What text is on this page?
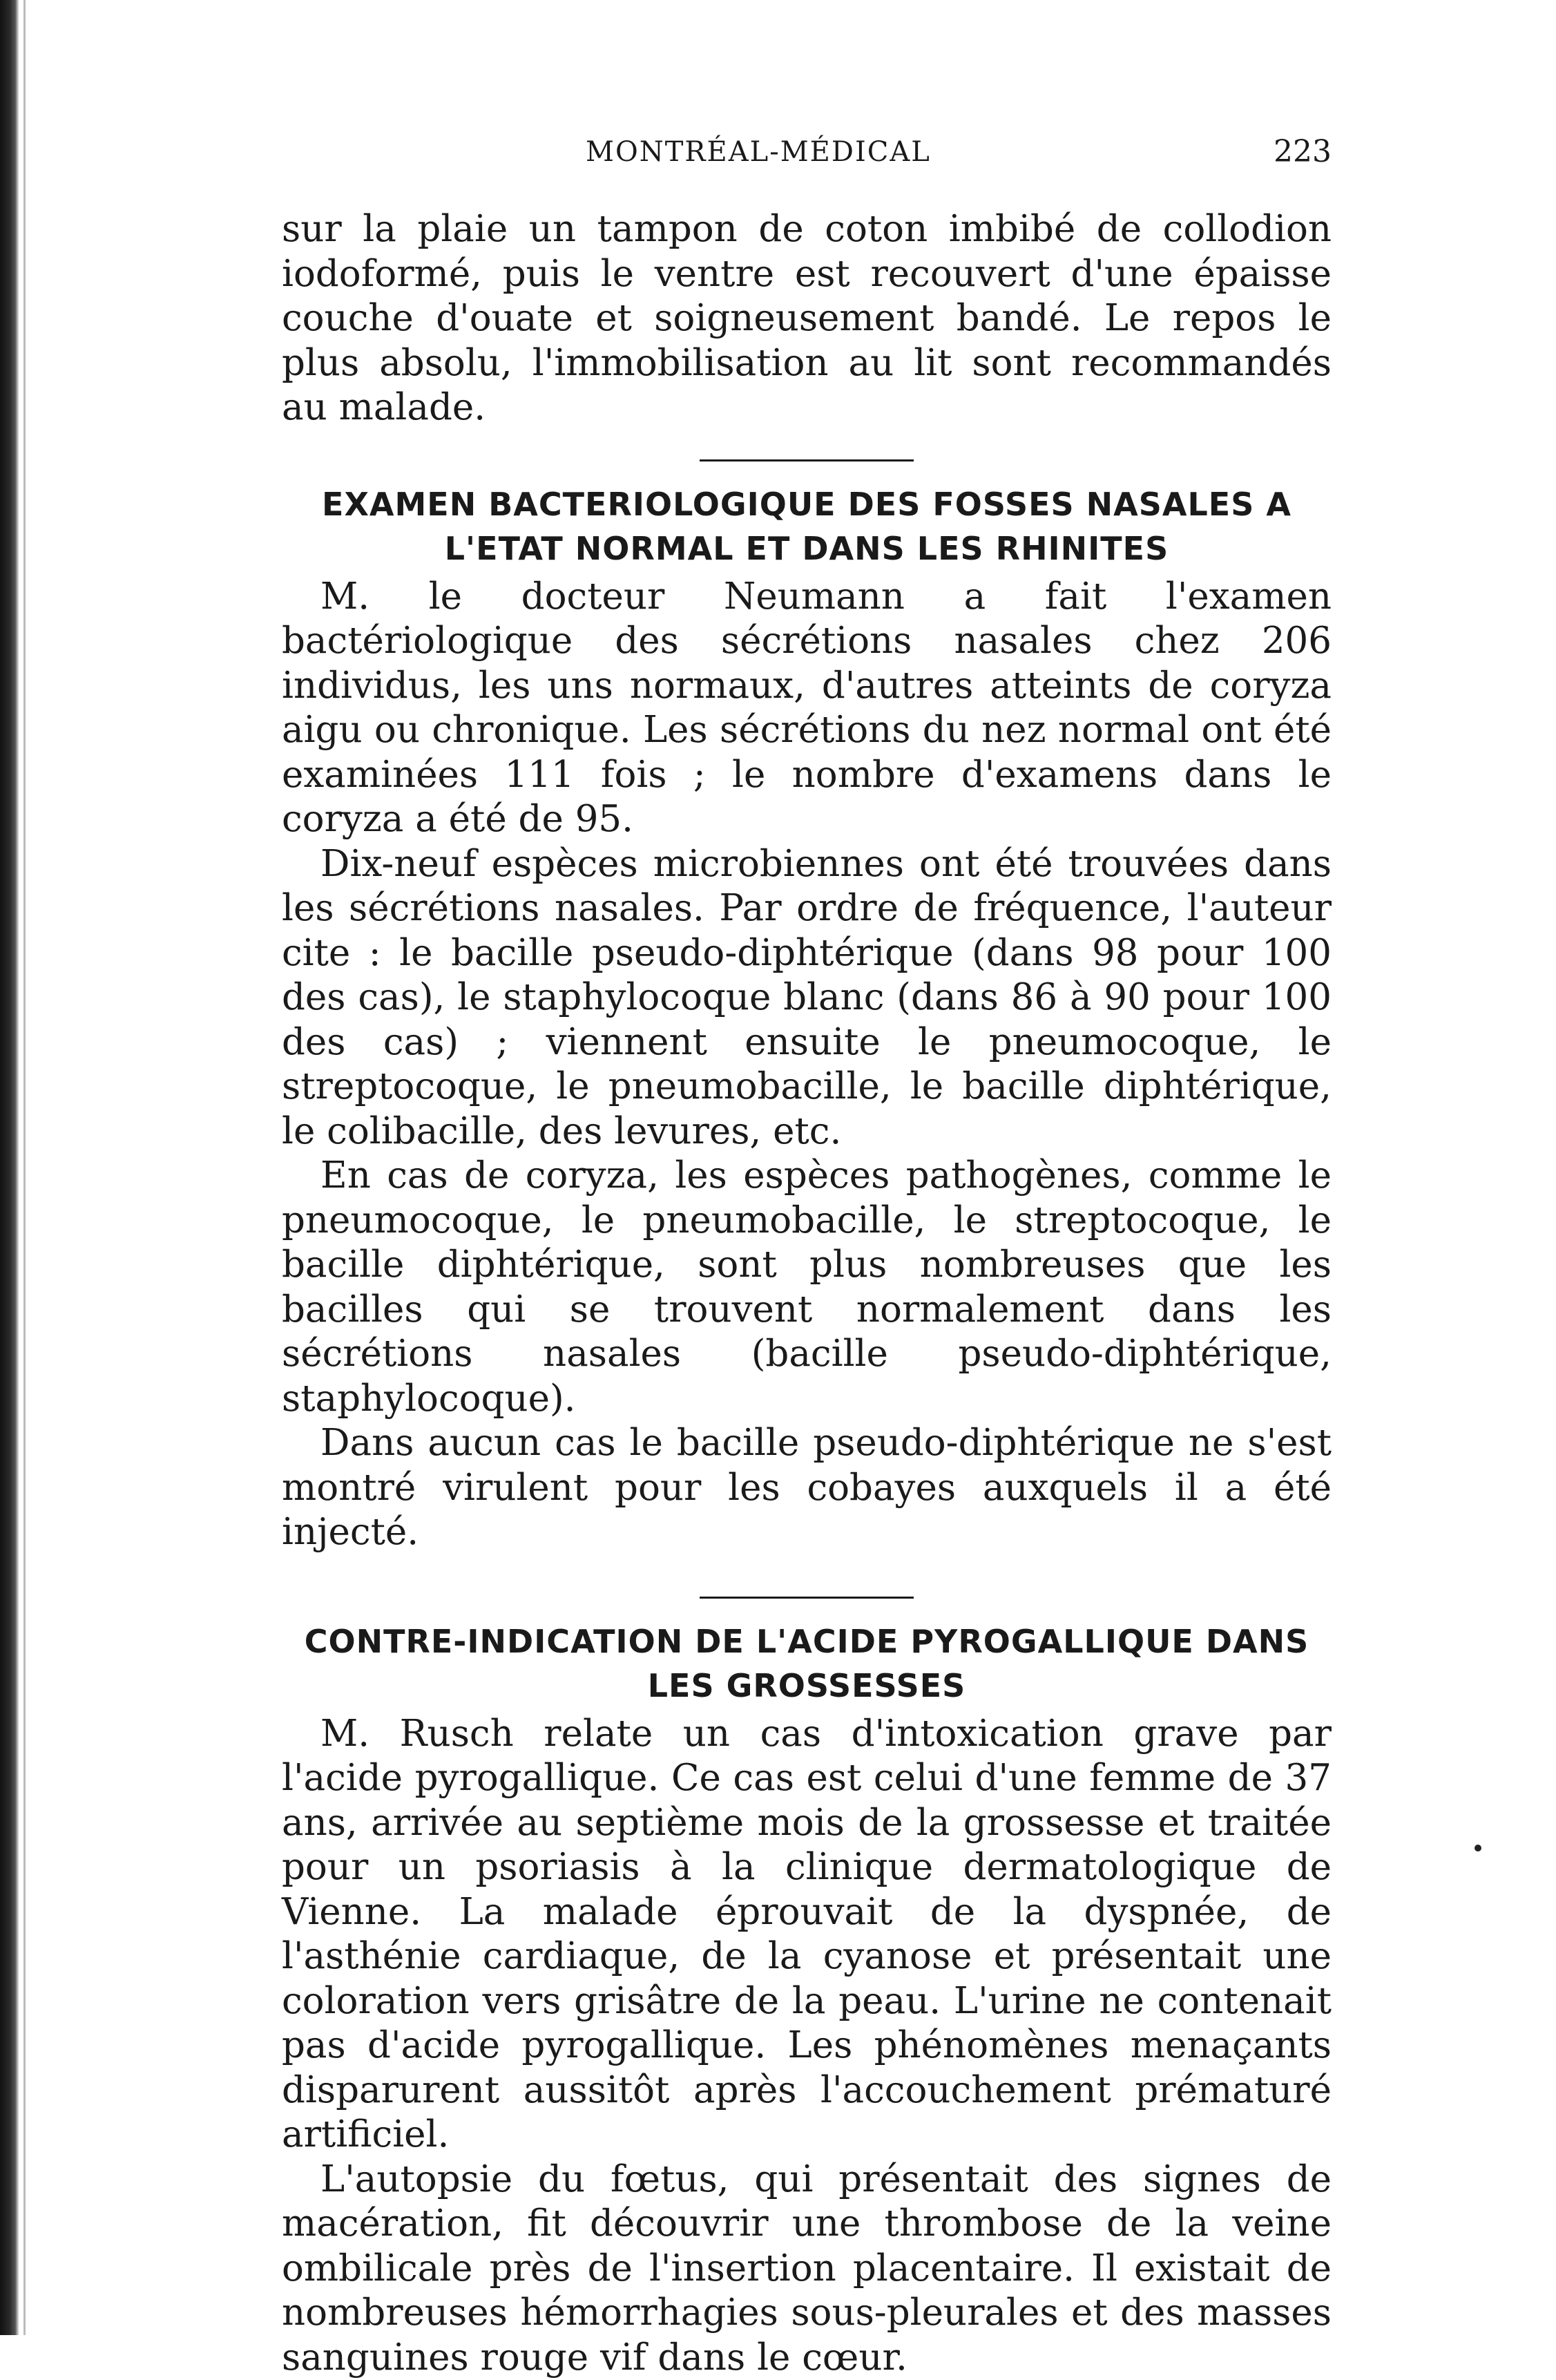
MONTRÉAL-MÉDICAL	223

sur la plaie un tampon de coton imbibé de collodion iodoformé, puis le ventre est recouvert d'une épaisse couche d'ouate et soigneusement bandé. Le repos le plus absolu, l'immobilisation au lit sont recommandés au malade.

EXAMEN BACTERIOLOGIQUE DES FOSSES NASALES A
L'ETAT NORMAL ET DANS LES RHINITES

M. le docteur Neumann a fait l'examen bactériologique des sécrétions nasales chez 206 individus, les uns normaux, d'autres atteints de coryza aigu ou chronique. Les sécrétions du nez normal ont été examinées 111 fois ; le nombre d'examens dans le coryza a été de 95.

Dix-neuf espèces microbiennes ont été trouvées dans les sécrétions nasales. Par ordre de fréquence, l'auteur cite : le bacille pseudo-diphtérique (dans 98 pour 100 des cas), le staphylocoque blanc (dans 86 à 90 pour 100 des cas) ; viennent ensuite le pneumocoque, le streptocoque, le pneumobacille, le bacille diphtérique, le colibacille, des levures, etc.

En cas de coryza, les espèces pathogènes, comme le pneumocoque, le pneumobacille, le streptocoque, le bacille diphtérique, sont plus nombreuses que les bacilles qui se trouvent normalement dans les sécrétions nasales (bacille pseudo-diphtérique, staphylocoque).

Dans aucun cas le bacille pseudo-diphtérique ne s'est montré virulent pour les cobayes auxquels il a été injecté.

CONTRE-INDICATION DE L'ACIDE PYROGALLIQUE DANS
LES GROSSESSES

M. Rusch relate un cas d'intoxication grave par l'acide pyrogallique. Ce cas est celui d'une femme de 37 ans, arrivée au septième mois de la grossesse et traitée pour un psoriasis à la clinique dermatologique de Vienne. La malade éprouvait de la dyspnée, de l'asthénie cardiaque, de la cyanose et présentait une coloration vers grisâtre de la peau. L'urine ne contenait pas d'acide pyrogallique. Les phénomènes menaçants disparurent aussitôt après l'accouchement prématuré artificiel.

L'autopsie du fœtus, qui présentait des signes de macération, fit découvrir une thrombose de la veine ombilicale près de l'insertion placentaire. Il existait de nombreuses hémorrhagies sous-pleurales et des masses sanguines rouge vif dans le cœur.
